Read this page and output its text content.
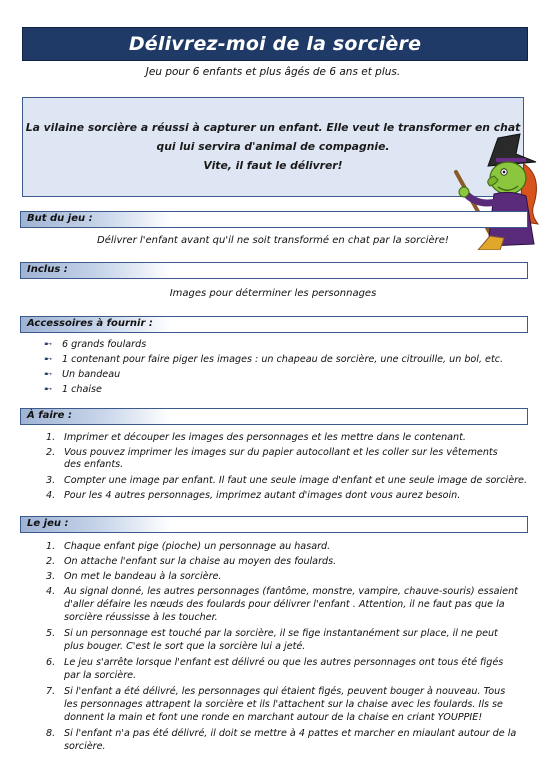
Délivrez-moi de la sorcière
Jeu pour 6 enfants et plus âgés de 6 ans et plus.
La vilaine sorcière a réussi à capturer un enfant. Elle veut le transformer en chat
qui lui servira d'animal de compagnie.
Vite, il faut le délivrer!
But du jeu :
Délivrer l'enfant avant qu'il ne soit transformé en chat par la sorcière!
Inclus :
Images pour déterminer les personnages
Accessoires à fournir :
➸ 6 grands foulards
➸ 1 contenant pour faire piger les images : un chapeau de sorcière, une citrouille, un bol, etc.
➸ Un bandeau
➸ 1 chaise
À faire :
1. Imprimer et découper les images des personnages et les mettre dans le contenant.
2. Vous pouvez imprimer les images sur du papier autocollant et les coller sur les vêtements
des enfants.
3. Compter une image par enfant. Il faut une seule image d'enfant et une seule image de sorcière.
4. Pour les 4 autres personnages, imprimez autant d'images dont vous aurez besoin.
Le jeu :
1. Chaque enfant pige (pioche) un personnage au hasard.
2. On attache l'enfant sur la chaise au moyen des foulards.
3. On met le bandeau à la sorcière.
4. Au signal donné, les autres personnages (fantôme, monstre, vampire, chauve-souris) essaient
d'aller défaire les nœuds des foulards pour délivrer l'enfant . Attention, il ne faut pas que la
sorcière réussisse à les toucher.
5. Si un personnage est touché par la sorcière, il se fige instantanément sur place, il ne peut
plus bouger. C'est le sort que la sorcière lui a jeté.
6. Le jeu s'arrête lorsque l'enfant est délivré ou que les autres personnages ont tous été figés
par la sorcière.
7. Si l'enfant a été délivré, les personnages qui étaient figés, peuvent bouger à nouveau. Tous
les personnages attrapent la sorcière et ils l'attachent sur la chaise avec les foulards. Ils se
donnent la main et font une ronde en marchant autour de la chaise en criant YOUPPIE!
8. Si l'enfant n'a pas été délivré, il doit se mettre à 4 pattes et marcher en miaulant autour de la
sorcière.
